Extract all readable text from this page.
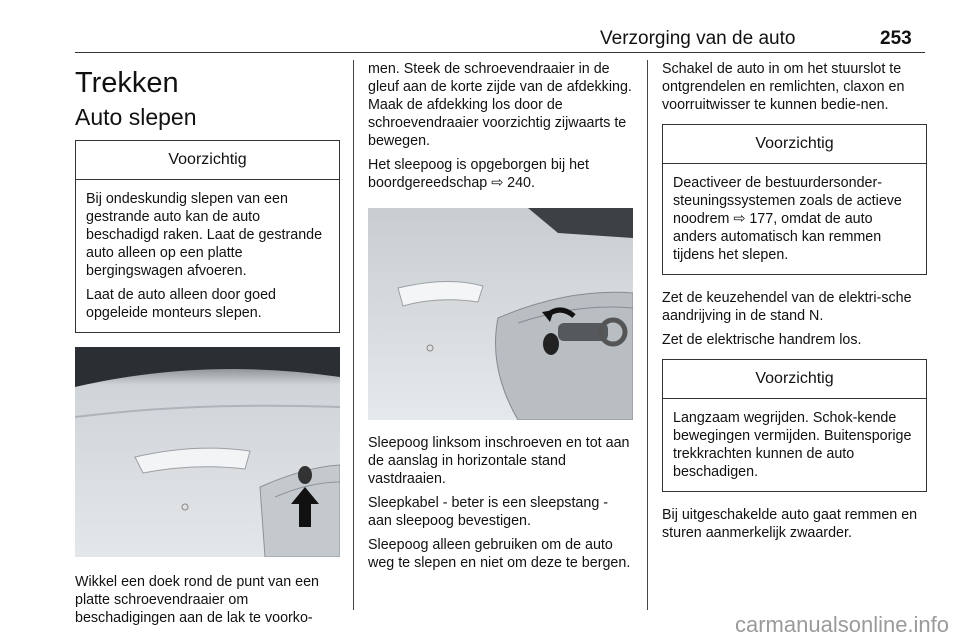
Verzorging van de auto	253
Trekken
Auto slepen
Voorzichtig

Bij ondeskundig slepen van een gestrande auto kan de auto beschadigd raken. Laat de gestrande auto alleen op een platte bergingswagen afvoeren.

Laat de auto alleen door goed opgeleide monteurs slepen.

Wikkel een doek rond de punt van een platte schroevendraaier om beschadigingen aan de lak te voorko-

men. Steek de schroevendraaier in de gleuf aan de korte zijde van de afdekking. Maak de afdekking los door de schroevendraaier voorzichtig zijwaarts te bewegen.

Het sleepoog is opgeborgen bij het boordgereedschap ⇨ 240.

Sleepoog linksom inschroeven en tot aan de aanslag in horizontale stand vastdraaien.

Sleepkabel - beter is een sleepstang - aan sleepoog bevestigen.

Sleepoog alleen gebruiken om de auto weg te slepen en niet om deze te bergen.

Schakel de auto in om het stuurslot te ontgrendelen en remlichten, claxon en voorruitwisser te kunnen bedie-nen.

Voorzichtig

Deactiveer de bestuurdersonder-steuningssystemen zoals de actieve noodrem ⇨ 177, omdat de auto anders automatisch kan remmen tijdens het slepen.

Zet de keuzehendel van de elektri-sche aandrijving in de stand N.

Zet de elektrische handrem los.

Voorzichtig

Langzaam wegrijden. Schok-kende bewegingen vermijden. Buitensporige trekkrachten kunnen de auto beschadigen.

Bij uitgeschakelde auto gaat remmen en sturen aanmerkelijk zwaarder.

carmanualsonline.info
